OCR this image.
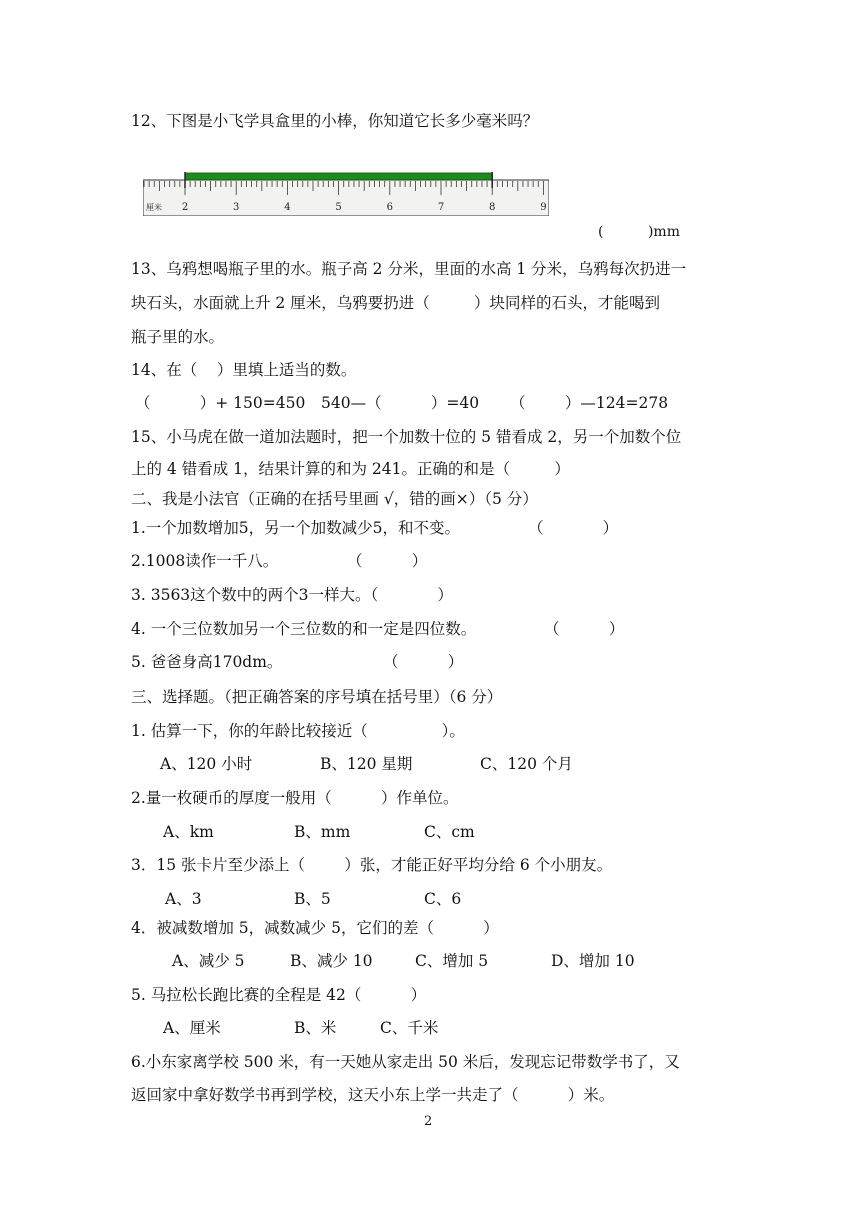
12、下图是小飞学具盒里的小棒，你知道它长多少毫米吗？
2	3	4	5	6	7	8	9
厘米
(          )mm
13、乌鸦想喝瓶子里的水。瓶子高 2 分米，里面的水高 1 分米，乌鸦每次扔进一
块石头，水面就上升 2 厘米，乌鸦要扔进（         ）块同样的石头，才能喝到
瓶子里的水。
14、在（    ）里填上适当的数。
（          ）+ 150=450 540—（          ）=40 （        ）—124=278
15、小马虎在做一道加法题时，把一个加数十位的 5 错看成 2，另一个加数个位
上的 4 错看成 1，结果计算的和为 241。正确的和是（         ）
二、我是小法官（正确的在括号里画 √，错的画×）（5 分）
1.一个加数增加5，另一个加数减少5，和不变。	（            ）
2.1008读作一千八。	（          ）
3. 3563这个数中的两个3一样大。（            ）
4. 一个三位数加另一个三位数的和一定是四位数。	（          ）
5. 爸爸身高170dm。	（          ）
三、选择题。（把正确答案的序号填在括号里）（6 分）
1. 估算一下，你的年龄比较接近（               ）。
A、120 小时	B、120 星期	C、120 个月
2.量一枚硬币的厚度一般用（          ）作单位。
A、km	B、mm	C、cm
3．15 张卡片至少添上（        ）张，才能正好平均分给 6 个小朋友。
A、3	B、5	C、6
4．被减数增加 5，减数减少 5，它们的差（          ）
A、减少 5	B、减少 10	C、增加 5	D、增加 10
5. 马拉松长跑比赛的全程是 42（          ）
A、厘米	B、米	C、千米
6.小东家离学校 500 米，有一天她从家走出 50 米后，发现忘记带数学书了，又
返回家中拿好数学书再到学校，这天小东上学一共走了（          ）米。
2
